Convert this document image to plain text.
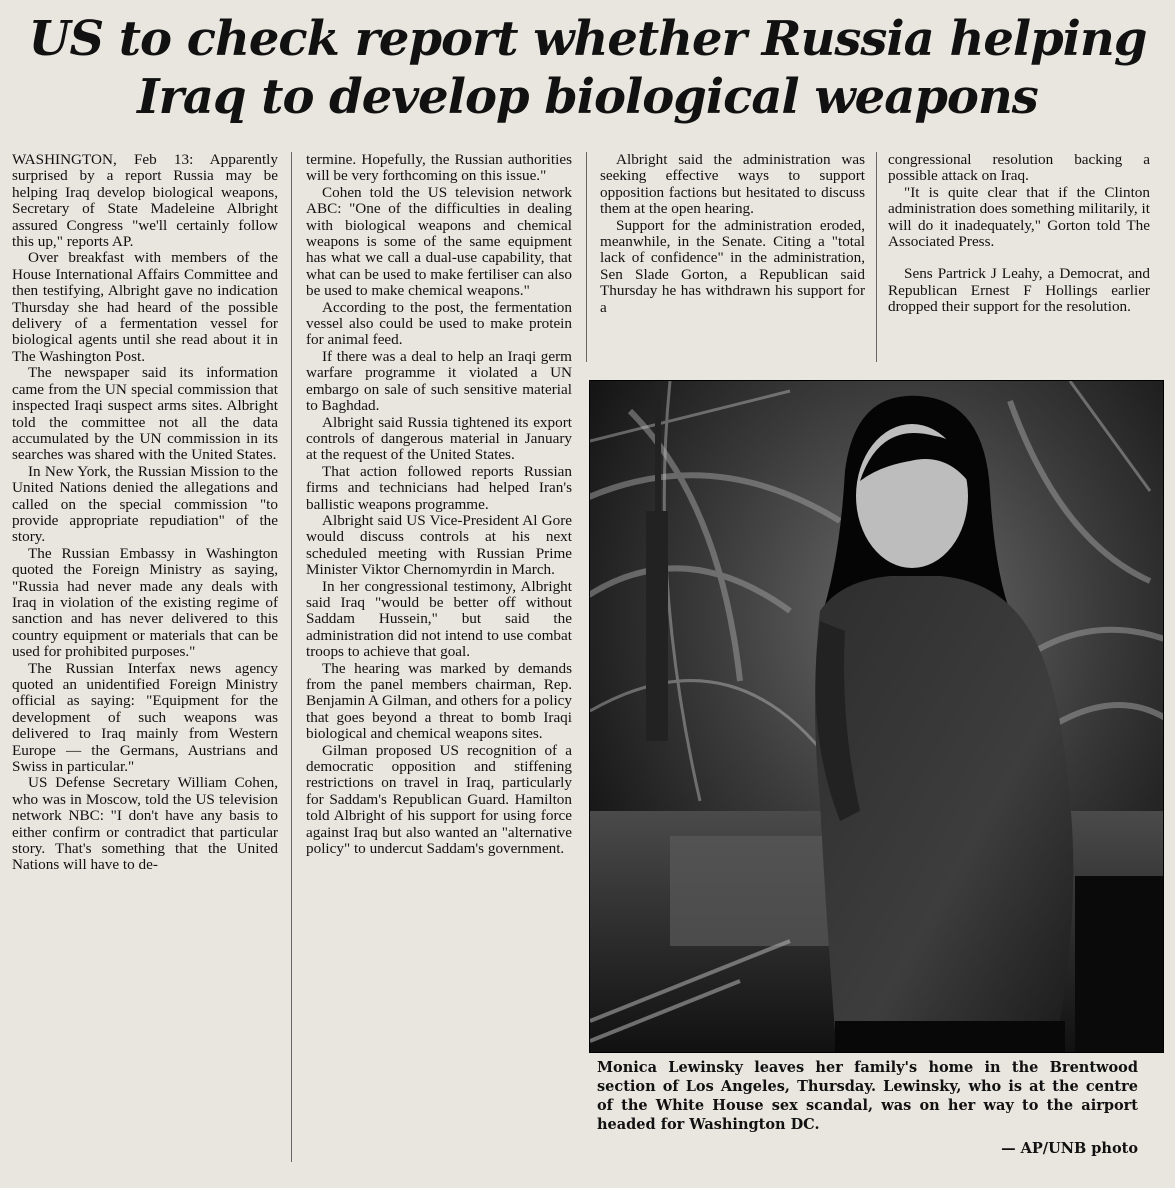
US to check report whether Russia helping
Iraq to develop biological weapons

WASHINGTON, Feb 13: Apparently surprised by a report Russia may be helping Iraq develop biological weapons, Secretary of State Madeleine Albright assured Congress "we'll certainly follow this up," reports AP.

Over breakfast with members of the House International Affairs Committee and then testifying, Albright gave no indication Thursday she had heard of the possible delivery of a fermentation vessel for biological agents until she read about it in The Washington Post.

The newspaper said its information came from the UN special commission that inspected Iraqi suspect arms sites. Albright told the committee not all the data accumulated by the UN commission in its searches was shared with the United States.

In New York, the Russian Mission to the United Nations denied the allegations and called on the special commission "to provide appropriate repudiation" of the story.

The Russian Embassy in Washington quoted the Foreign Ministry as saying, "Russia had never made any deals with Iraq in violation of the existing regime of sanction and has never delivered to this country equipment or materials that can be used for prohibited purposes."

The Russian Interfax news agency quoted an unidentified Foreign Ministry official as saying: "Equipment for the development of such weapons was delivered to Iraq mainly from Western Europe — the Germans, Austrians and Swiss in particular."

US Defense Secretary William Cohen, who was in Moscow, told the US television network NBC: "I don't have any basis to either confirm or contradict that particular story. That's something that the United Nations will have to de-

termine. Hopefully, the Russian authorities will be very forthcoming on this issue."

Cohen told the US television network ABC: "One of the difficulties in dealing with biological weapons and chemical weapons is some of the same equipment has what we call a dual-use capability, that what can be used to make fertiliser can also be used to make chemical weapons."

According to the post, the fermentation vessel also could be used to make protein for animal feed.

If there was a deal to help an Iraqi germ warfare programme it violated a UN embargo on sale of such sensitive material to Baghdad.

Albright said Russia tightened its export controls of dangerous material in January at the request of the United States.

That action followed reports Russian firms and technicians had helped Iran's ballistic weapons programme.

Albright said US Vice-President Al Gore would discuss controls at his next scheduled meeting with Russian Prime Minister Viktor Chernomyrdin in March.

In her congressional testimony, Albright said Iraq "would be better off without Saddam Hussein," but said the administration did not intend to use combat troops to achieve that goal.

The hearing was marked by demands from the panel members chairman, Rep. Benjamin A Gilman, and others for a policy that goes beyond a threat to bomb Iraqi biological and chemical weapons sites.

Gilman proposed US recognition of a democratic opposition and stiffening restrictions on travel in Iraq, particularly for Saddam's Republican Guard. Hamilton told Albright of his support for using force against Iraq but also wanted an "alternative policy" to undercut Saddam's government.

Albright said the administration was seeking effective ways to support opposition factions but hesitated to discuss them at the open hearing.

Support for the administration eroded, meanwhile, in the Senate. Citing a "total lack of confidence" in the administration, Sen Slade Gorton, a Republican said Thursday he has withdrawn his support for a

congressional resolution backing a possible attack on Iraq.

"It is quite clear that if the Clinton administration does something militarily, it will do it inadequately," Gorton told The Associated Press.

Sens Partrick J Leahy, a Democrat, and Republican Ernest F Hollings earlier dropped their support for the resolution.

Monica Lewinsky leaves her family's home in the Brentwood section of Los Angeles, Thursday. Lewinsky, who is at the centre of the White House sex scandal, was on her way to the airport headed for Washington DC.
— AP/UNB photo
